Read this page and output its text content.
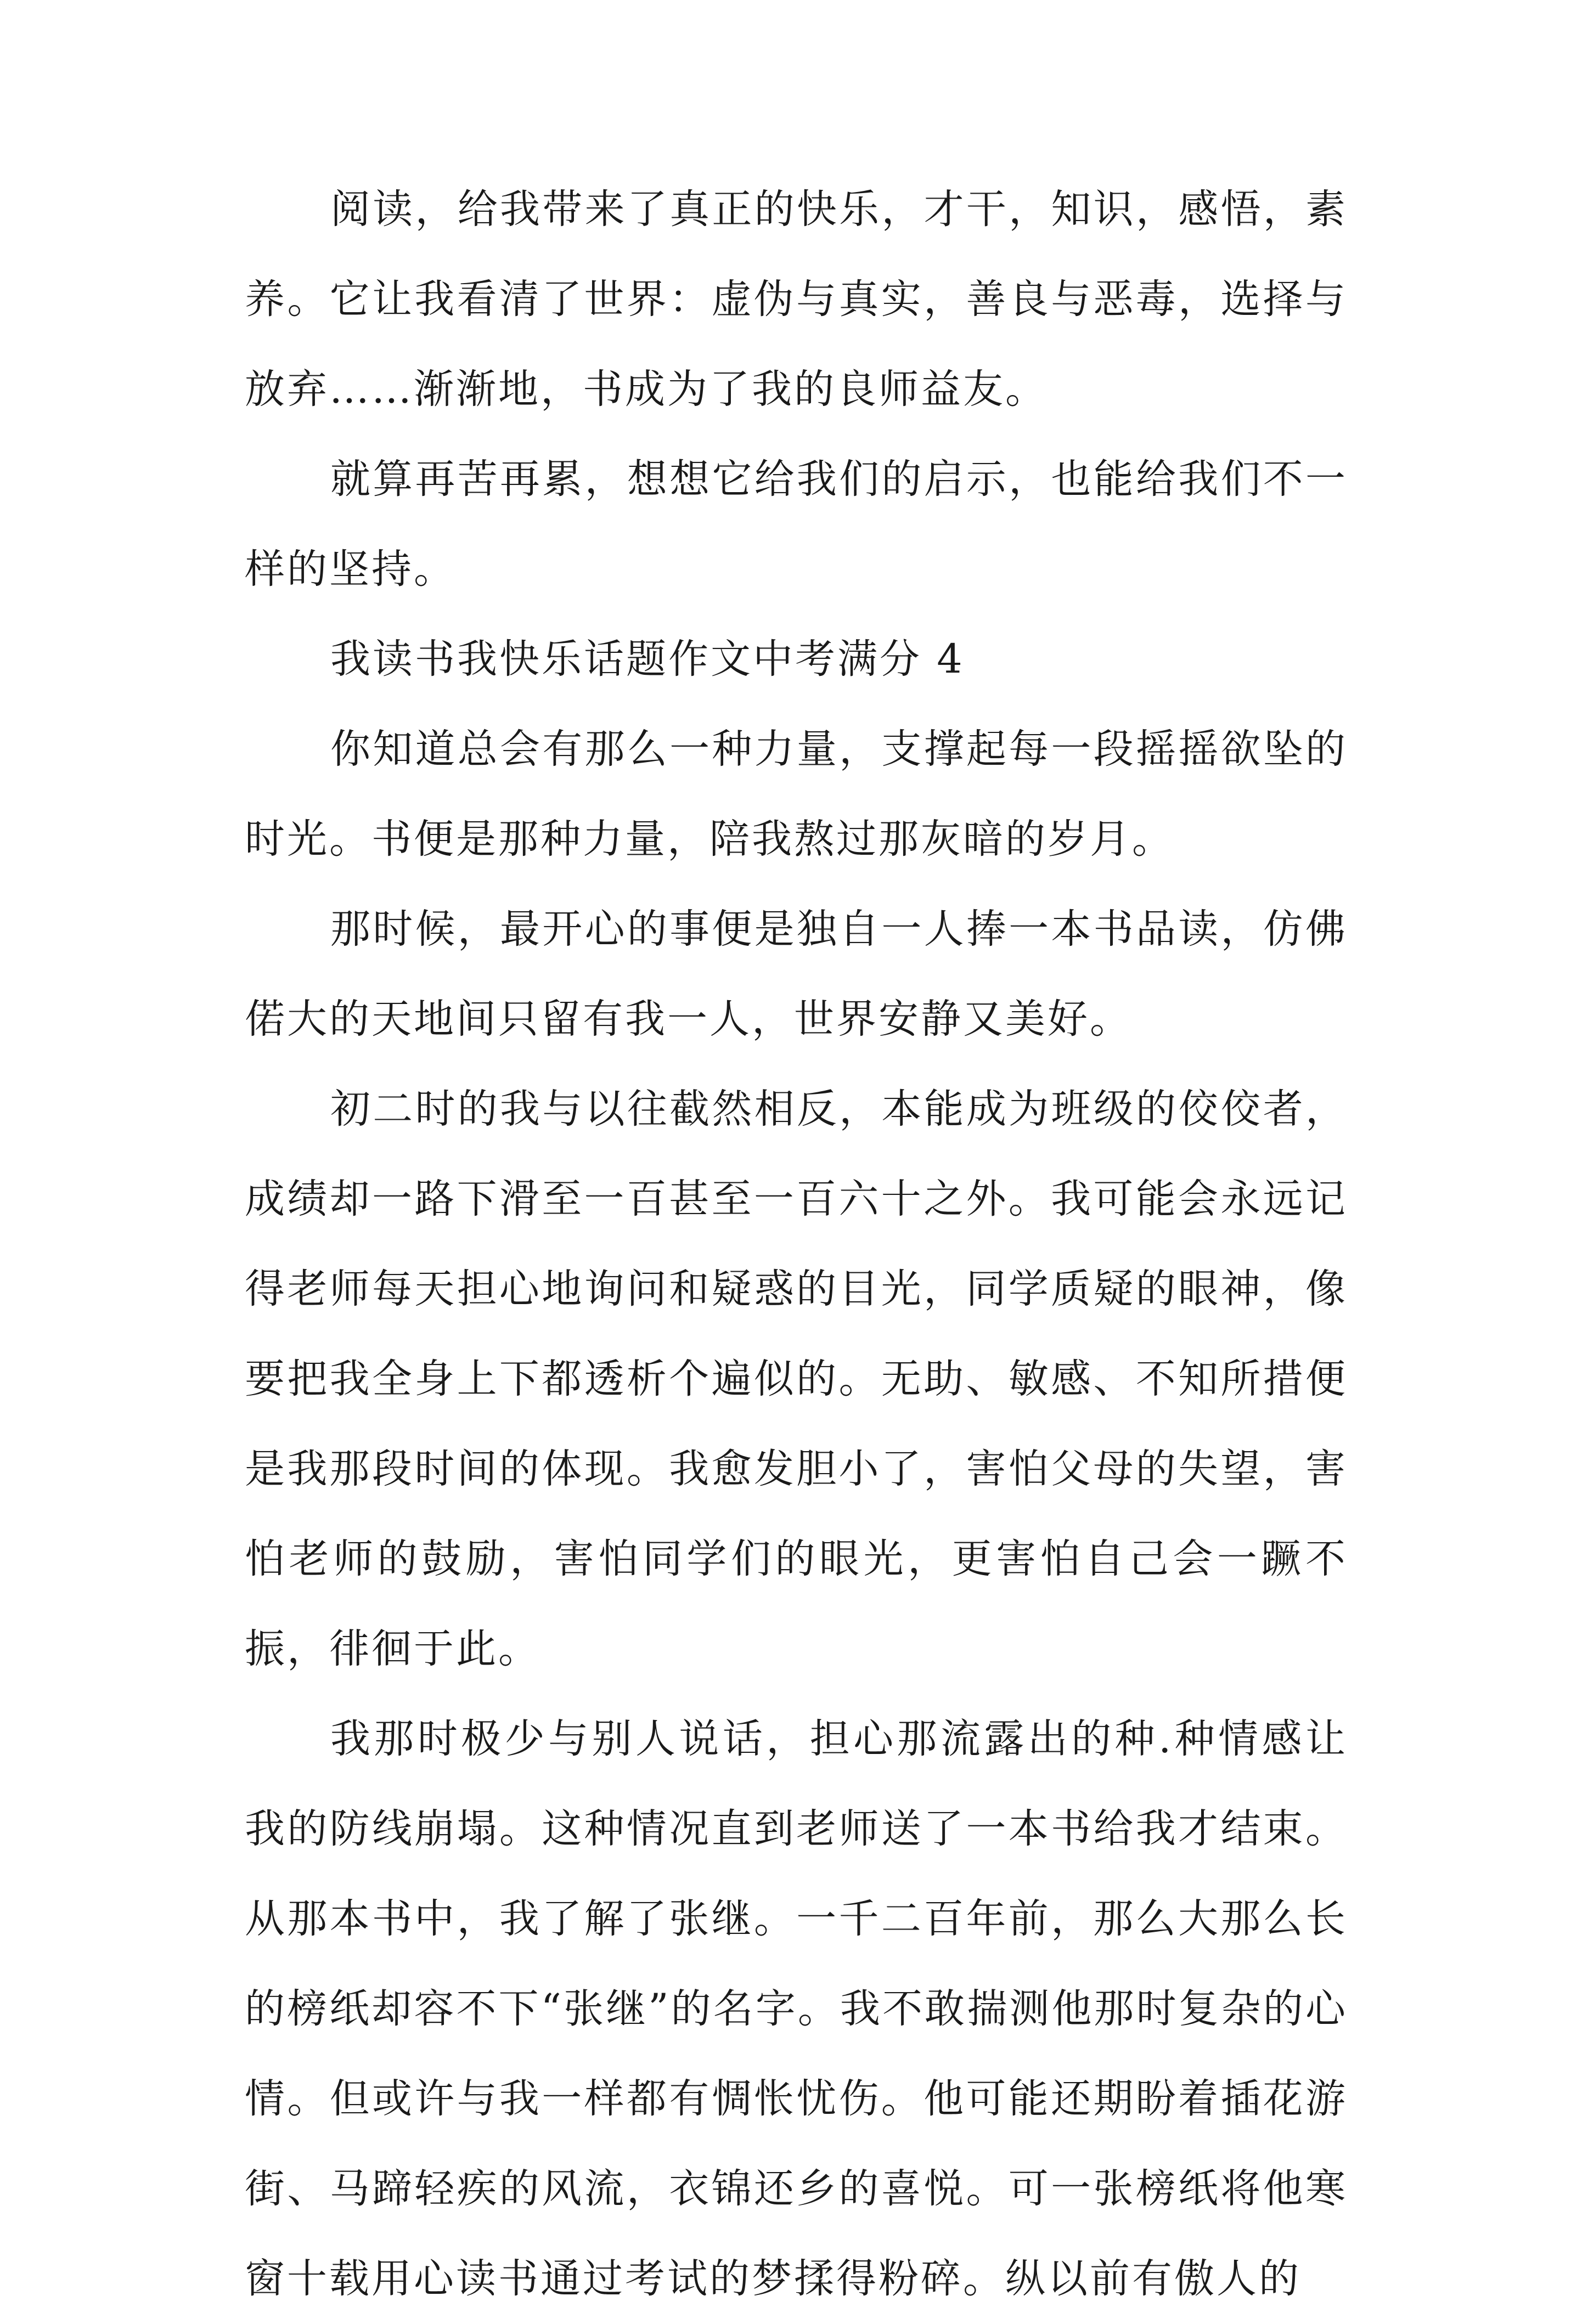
阅读，给我带来了真正的快乐，才干，知识，感悟，素养。它让我看清了世界：虚伪与真实，善良与恶毒，选择与放弃……渐渐地，书成为了我的良师益友。

就算再苦再累，想想它给我们的启示，也能给我们不一样的坚持。

我读书我快乐话题作文中考满分 4

你知道总会有那么一种力量，支撑起每一段摇摇欲坠的时光。书便是那种力量，陪我熬过那灰暗的岁月。

那时候，最开心的事便是独自一人捧一本书品读，仿佛偌大的天地间只留有我一人，世界安静又美好。

初二时的我与以往截然相反，本能成为班级的佼佼者，成绩却一路下滑至一百甚至一百六十之外。我可能会永远记得老师每天担心地询问和疑惑的目光，同学质疑的眼神，像要把我全身上下都透析个遍似的。无助、敏感、不知所措便是我那段时间的体现。我愈发胆小了，害怕父母的失望，害怕老师的鼓励，害怕同学们的眼光，更害怕自己会一蹶不振，徘徊于此。

我那时极少与别人说话，担心那流露出的种.种情感让我的防线崩塌。这种情况直到老师送了一本书给我才结束。从那本书中，我了解了张继。一千二百年前，那么大那么长的榜纸却容不下“张继”的名字。我不敢揣测他那时复杂的心情。但或许与我一样都有惆怅忧伤。他可能还期盼着插花游街、马蹄轻疾的风流，衣锦还乡的喜悦。可一张榜纸将他寒窗十载用心读书通过考试的梦揉得粉碎。纵以前有傲人的
